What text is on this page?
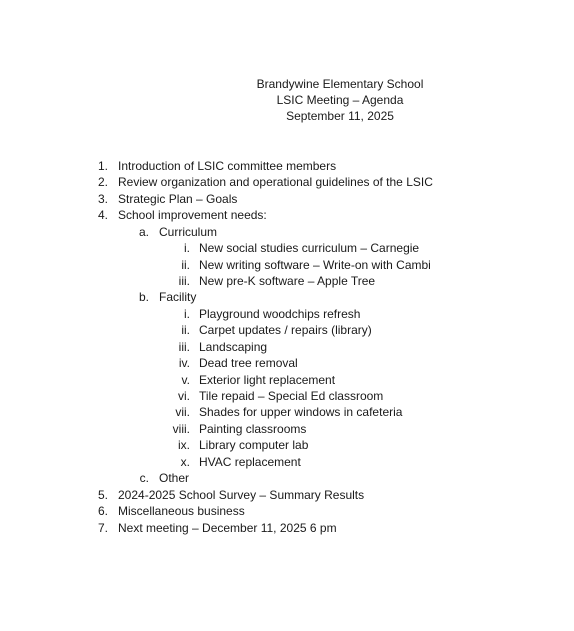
Brandywine Elementary School
LSIC Meeting – Agenda
September 11, 2025
1. Introduction of LSIC committee members
2. Review organization and operational guidelines of the LSIC
3. Strategic Plan – Goals
4. School improvement needs:
a. Curriculum
i. New social studies curriculum – Carnegie
ii. New writing software – Write-on with Cambi
iii. New pre-K software – Apple Tree
b. Facility
i. Playground woodchips refresh
ii. Carpet updates / repairs (library)
iii. Landscaping
iv. Dead tree removal
v. Exterior light replacement
vi. Tile repaid – Special Ed classroom
vii. Shades for upper windows in cafeteria
viii. Painting classrooms
ix. Library computer lab
x. HVAC replacement
c. Other
5. 2024-2025 School Survey – Summary Results
6. Miscellaneous business
7. Next meeting – December 11, 2025 6 pm
